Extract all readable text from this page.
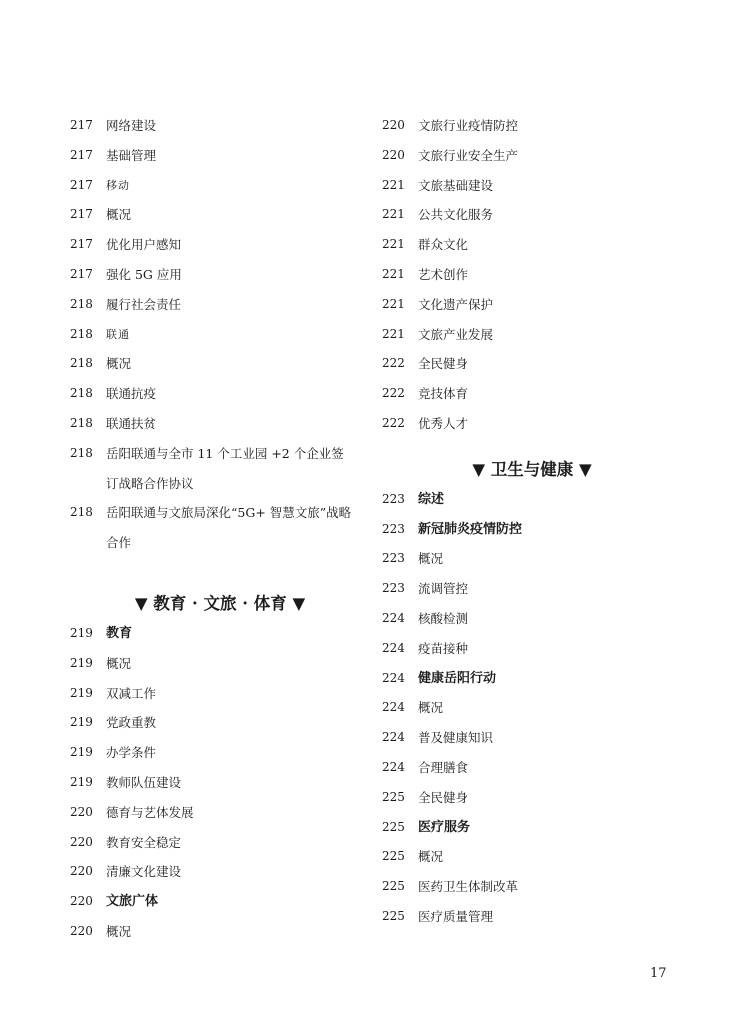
217	网络建设
217	基础管理
217	移动
217	概况
217	优化用户感知
217	强化 5G 应用
218	履行社会责任
218	联通
218	概况
218	联通抗疫
218	联通扶贫
218	岳阳联通与全市 11 个工业园 +2 个企业签订战略合作协议
218	岳阳联通与文旅局深化“5G+ 智慧文旅”战略合作
▼ 教育 · 文旅 · 体育 ▼
219	教育
219	概况
219	双减工作
219	党政重教
219	办学条件
219	教师队伍建设
220	德育与艺体发展
220	教育安全稳定
220	清廉文化建设
220	文旅广体
220	概况
220	文旅行业疫情防控
220	文旅行业安全生产
221	文旅基础建设
221	公共文化服务
221	群众文化
221	艺术创作
221	文化遗产保护
221	文旅产业发展
222	全民健身
222	竞技体育
222	优秀人才
▼ 卫生与健康 ▼
223	综述
223	新冠肺炎疫情防控
223	概况
223	流调管控
224	核酸检测
224	疫苗接种
224	健康岳阳行动
224	概况
224	普及健康知识
224	合理膳食
225	全民健身
225	医疗服务
225	概况
225	医药卫生体制改革
225	医疗质量管理
17
